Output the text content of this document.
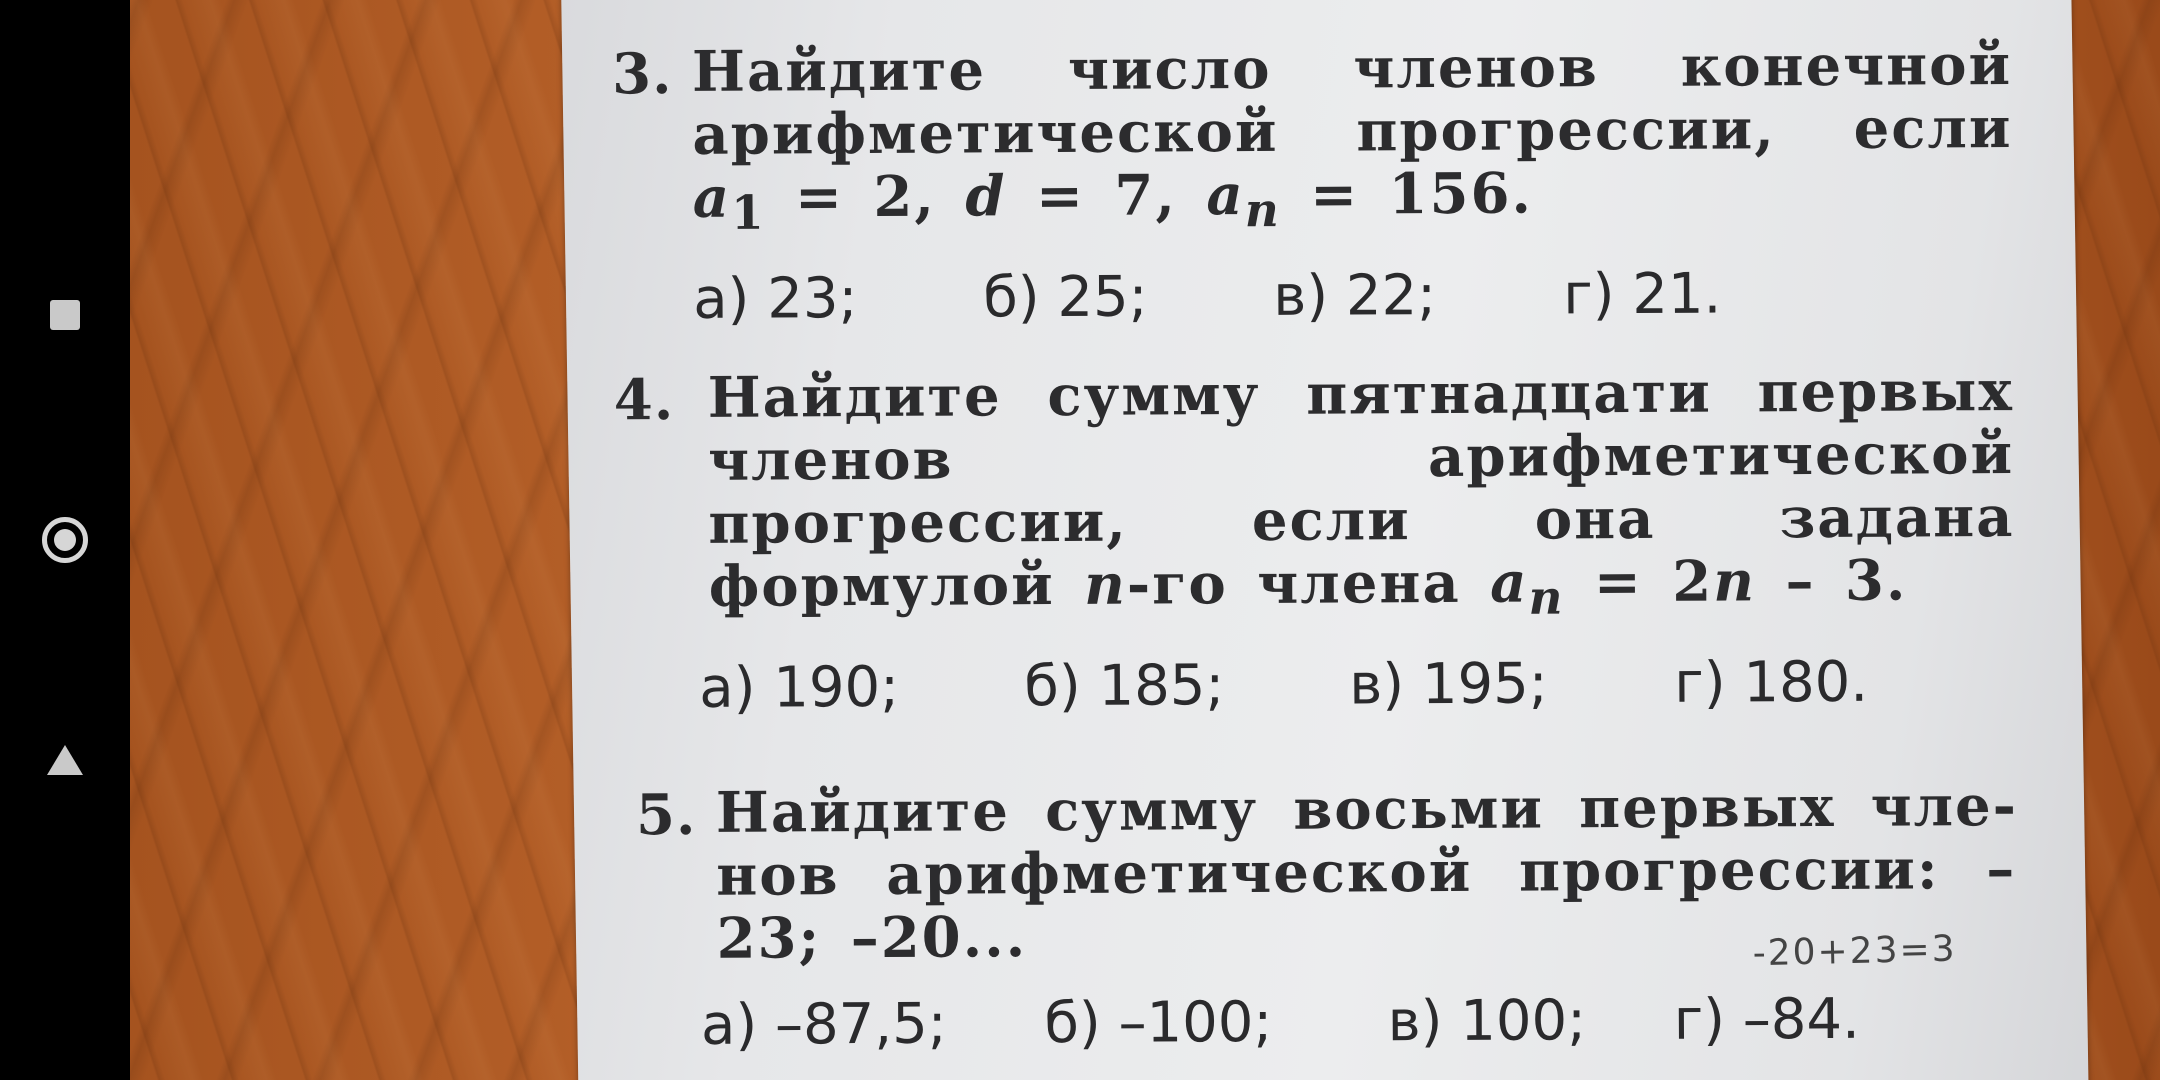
3. Найдите число членов конечной арифметической прогрессии, если $a_1 = 2$, d = 7, $a_n = 156$.
а) 23;	б) 25;	в) 22;	г) 21.
4. Найдите сумму пятнадцати первых членов арифметической прогрессии, если она задана формулой n-го члена $a_n = 2n - 3$.
а) 190;	б) 185;	в) 195;	г) 180.
5. Найдите сумму восьми первых членов арифметической прогрессии: –23; –20...	-20+23=3
а) –87,5;	б) –100;	в) 100;	г) –84.
